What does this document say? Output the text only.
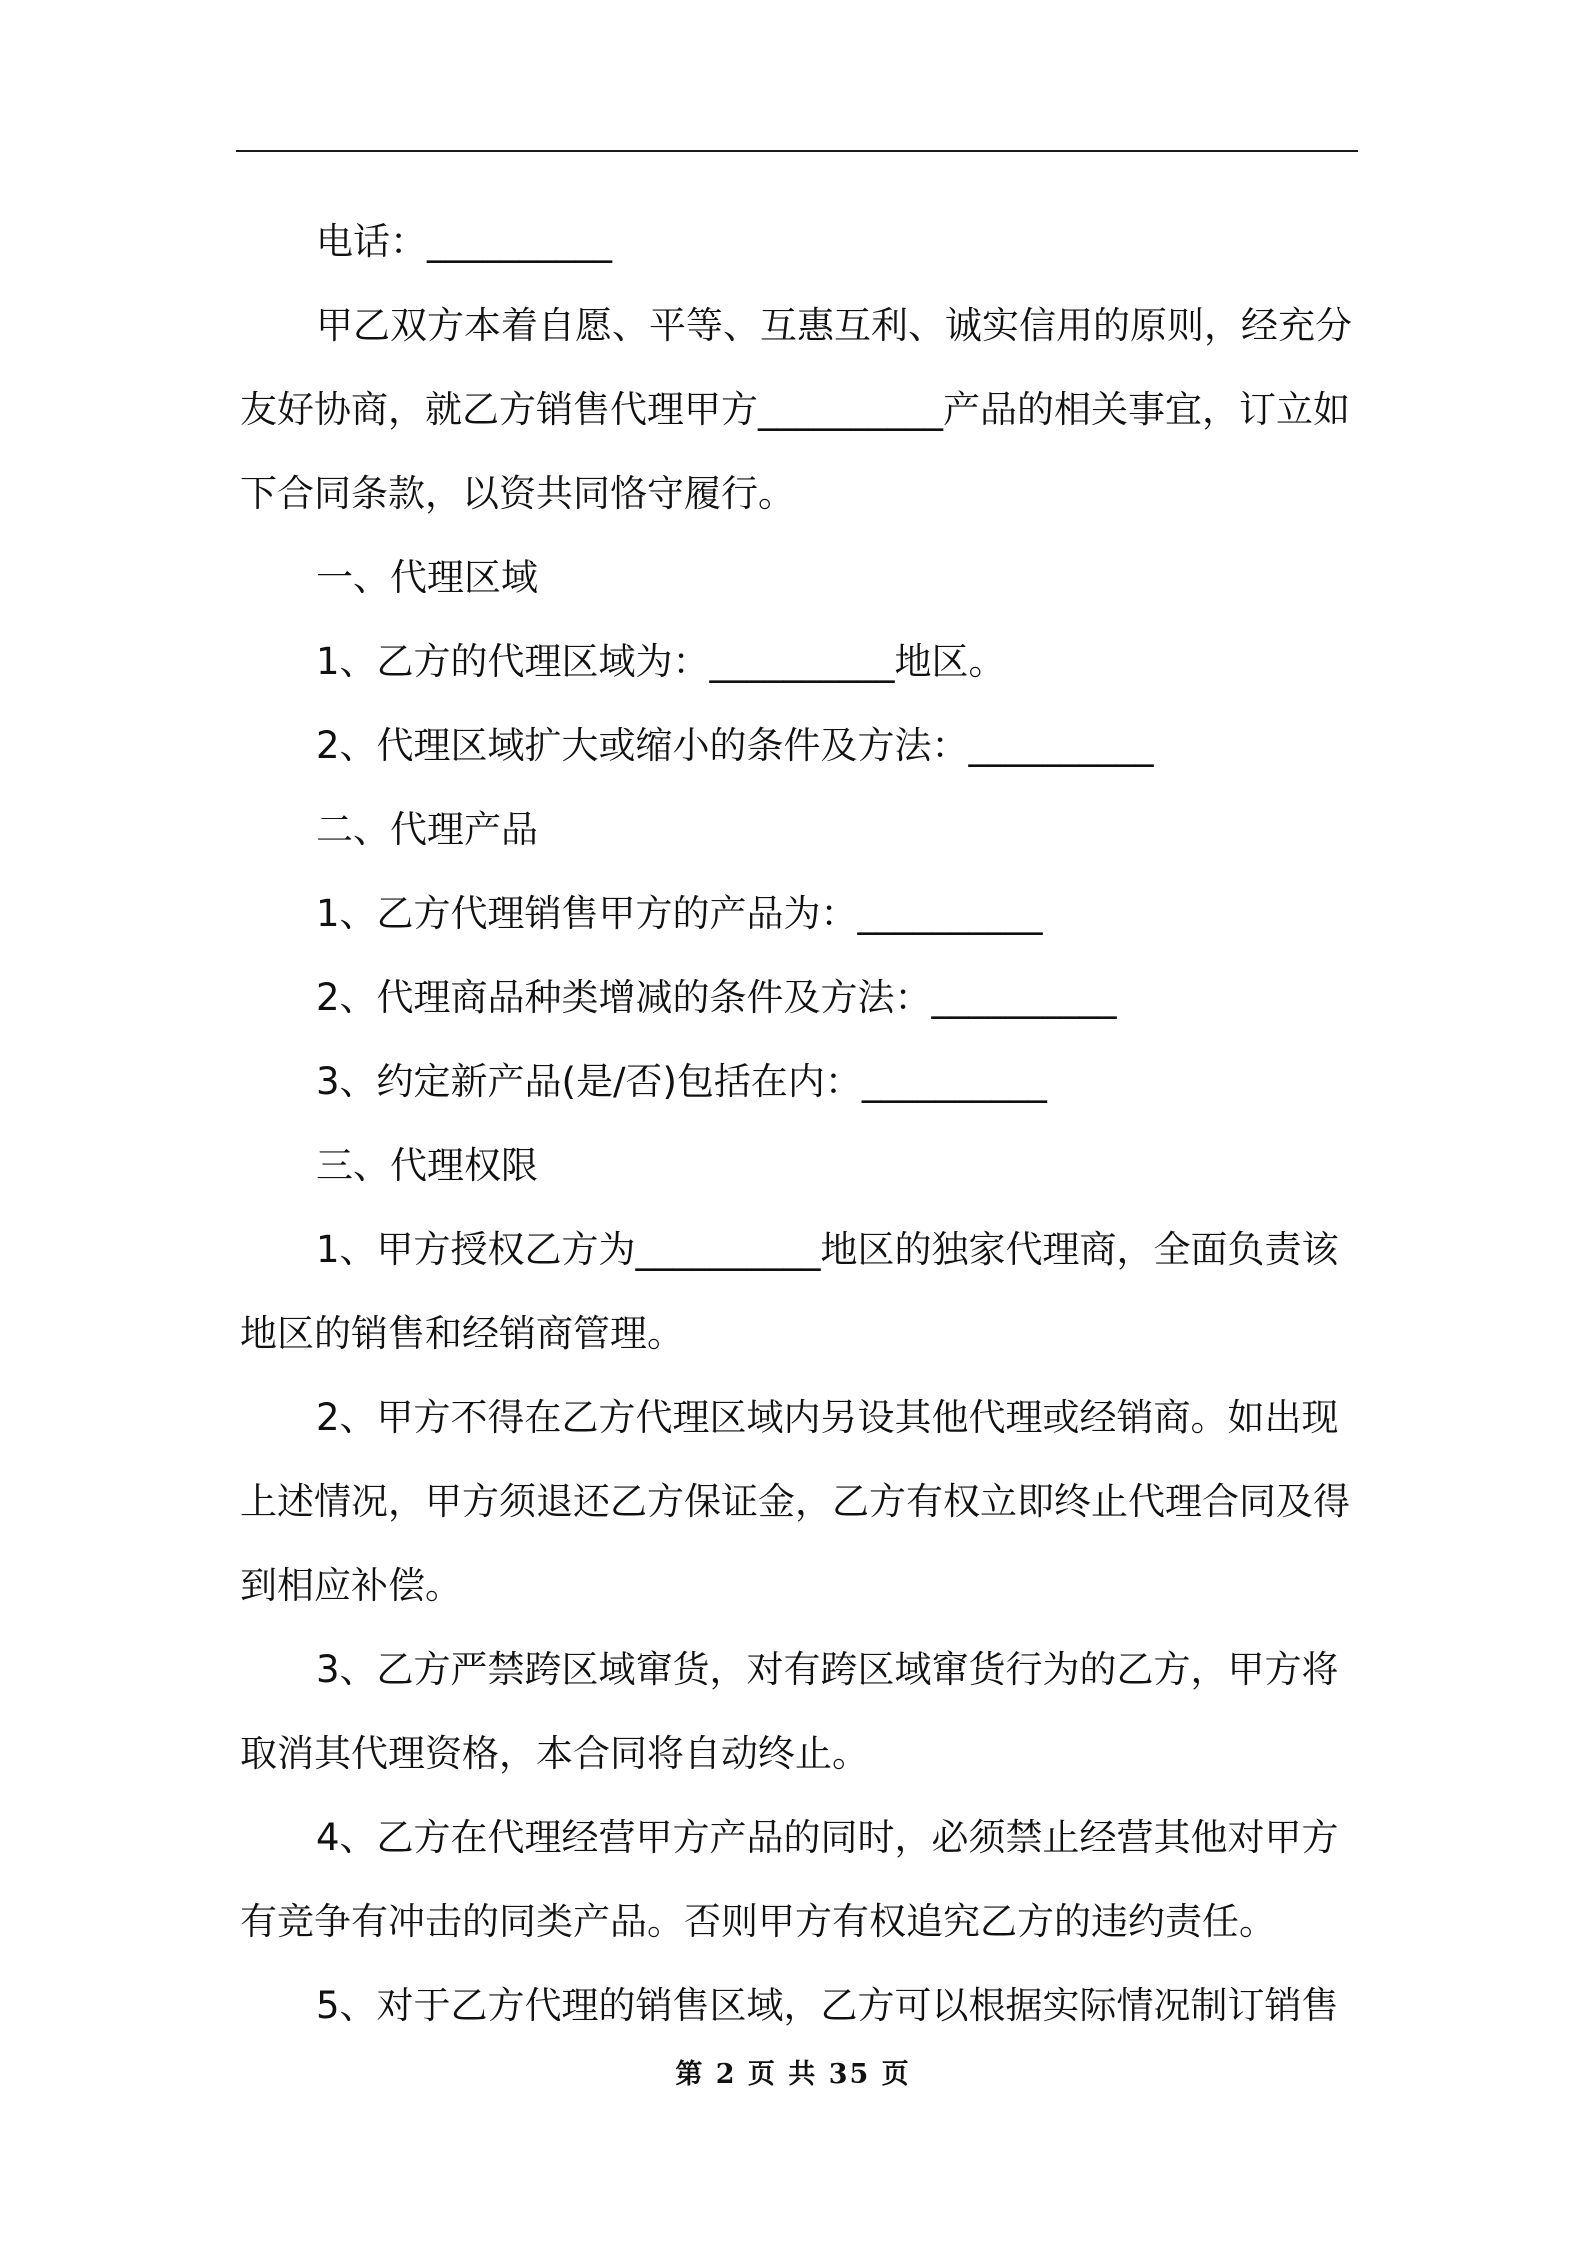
电话：__________
甲乙双方本着自愿、平等、互惠互利、诚实信用的原则，经充分
友好协商，就乙方销售代理甲方__________产品的相关事宜，订立如
下合同条款，以资共同恪守履行。
一、代理区域
1、乙方的代理区域为：__________地区。
2、代理区域扩大或缩小的条件及方法：__________
二、代理产品
1、乙方代理销售甲方的产品为：__________
2、代理商品种类增减的条件及方法：__________
3、约定新产品(是/否)包括在内：__________
三、代理权限
1、甲方授权乙方为__________地区的独家代理商，全面负责该
地区的销售和经销商管理。
2、甲方不得在乙方代理区域内另设其他代理或经销商。如出现
上述情况，甲方须退还乙方保证金，乙方有权立即终止代理合同及得
到相应补偿。
3、乙方严禁跨区域窜货，对有跨区域窜货行为的乙方，甲方将
取消其代理资格，本合同将自动终止。
4、乙方在代理经营甲方产品的同时，必须禁止经营其他对甲方
有竞争有冲击的同类产品。否则甲方有权追究乙方的违约责任。
5、对于乙方代理的销售区域，乙方可以根据实际情况制订销售
第 2 页 共 35 页
